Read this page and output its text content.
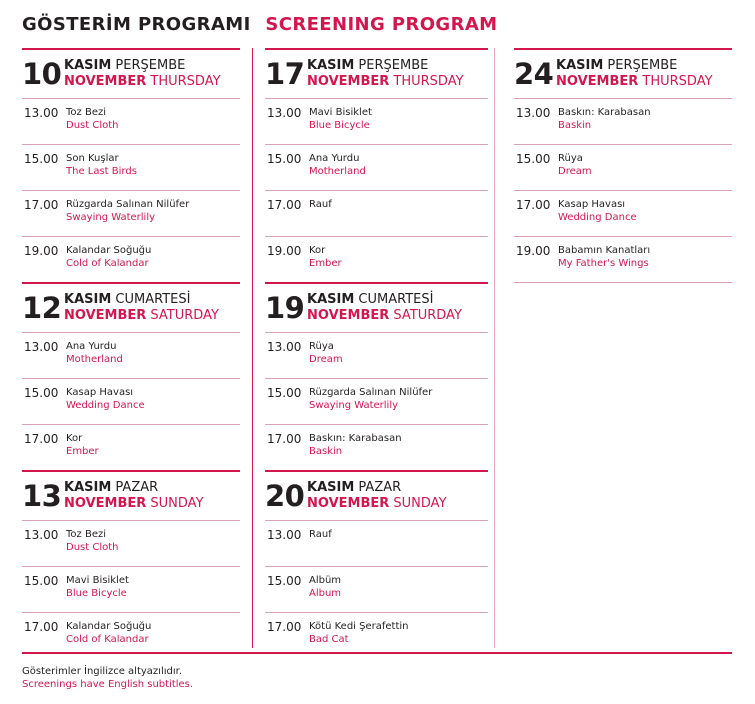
GÖSTERİM PROGRAMI SCREENING PROGRAM
10 KASIM PERŞEMBE
NOVEMBER THURSDAY
13.00 Toz Bezi
Dust Cloth
15.00 Son Kuşlar
The Last Birds
17.00 Rüzgarda Salınan Nilüfer
Swaying Waterlily
19.00 Kalandar Soğuğu
Cold of Kalandar
12 KASIM CUMARTESİ
NOVEMBER SATURDAY
13.00 Ana Yurdu
Motherland
15.00 Kasap Havası
Wedding Dance
17.00 Kor
Ember
13 KASIM PAZAR
NOVEMBER SUNDAY
13.00 Toz Bezi
Dust Cloth
15.00 Mavi Bisiklet
Blue Bicycle
17.00 Kalandar Soğuğu
Cold of Kalandar
17 KASIM PERŞEMBE
NOVEMBER THURSDAY
13.00 Mavi Bisiklet
Blue Bicycle
15.00 Ana Yurdu
Motherland
17.00 Rauf
19.00 Kor
Ember
19 KASIM CUMARTESİ
NOVEMBER SATURDAY
13.00 Rüya
Dream
15.00 Rüzgarda Salınan Nilüfer
Swaying Waterlily
17.00 Baskın: Karabasan
Baskin
20 KASIM PAZAR
NOVEMBER SUNDAY
13.00 Rauf
15.00 Albüm
Album
17.00 Kötü Kedi Şerafettin
Bad Cat
24 KASIM PERŞEMBE
NOVEMBER THURSDAY
13.00 Baskın: Karabasan
Baskin
15.00 Rüya
Dream
17.00 Kasap Havası
Wedding Dance
19.00 Babamın Kanatları
My Father's Wings
Gösterimler İngilizce altyazılıdır.
Screenings have English subtitles.
